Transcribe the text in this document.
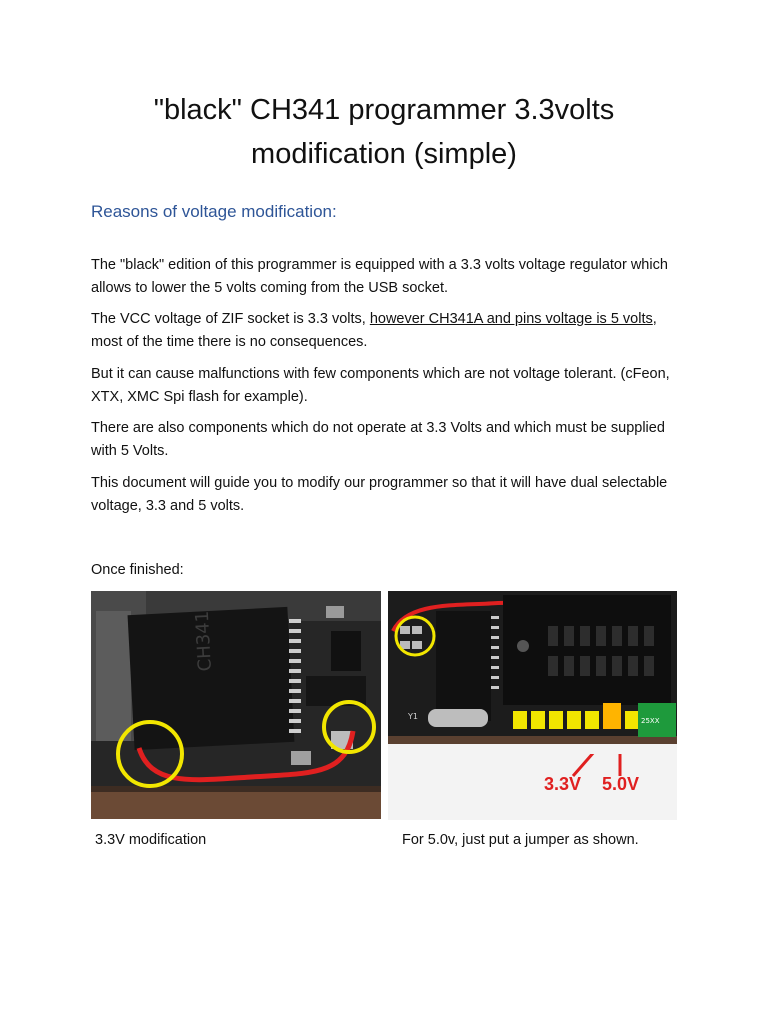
"black" CH341 programmer 3.3volts
modification (simple)
Reasons of voltage modification:
The "black" edition of this programmer is equipped with a 3.3 volts voltage regulator which allows to lower the 5 volts coming from the USB socket.
The VCC voltage of ZIF socket is 3.3 volts, however CH341A and pins voltage is 5 volts, most of the time there is no consequences.
But it can cause malfunctions with few components which are not voltage tolerant. (cFeon, XTX, XMC Spi flash for example).
There are also components which do not operate at 3.3 Volts and which must be supplied with 5 Volts.
This document will guide you to modify our programmer so that it will have dual selectable voltage, 3.3 and 5 volts.
Once finished:
CH341
Y1	25XX
3.3V 5.0V
3.3V modification	For 5.0v, just put a jumper as shown.
